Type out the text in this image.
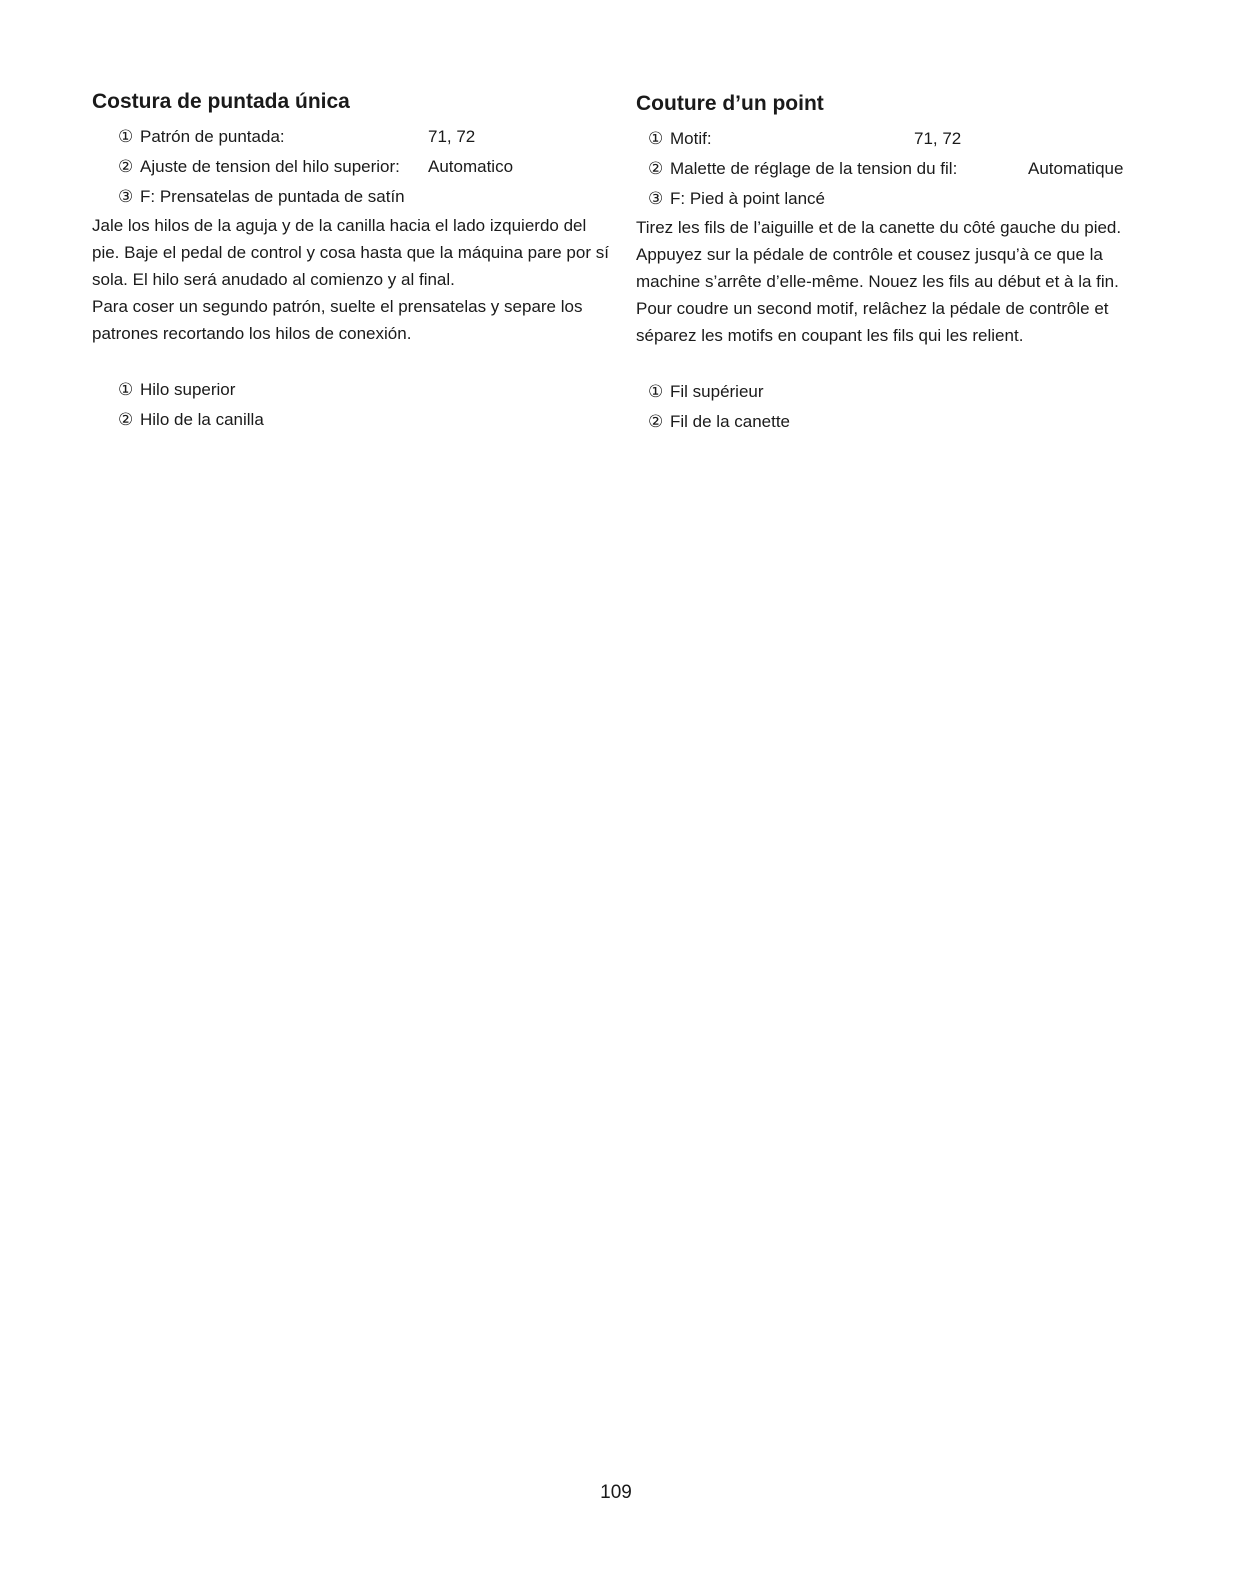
Costura de puntada única
① Patrón de puntada:	71, 72
② Ajuste de tension del hilo superior: Automatico
③ F: Prensatelas de puntada de satín

Jale los hilos de la aguja y de la canilla hacia el lado izquierdo del pie. Baje el pedal de control y cosa hasta que la máquina pare por sí sola. El hilo será anudado al comienzo y al final.

Para coser un segundo patrón, suelte el prensatelas y separe los patrones recortando los hilos de conexión.

① Hilo superior
② Hilo de la canilla
Couture d’un point
① Motif:	71, 72
② Malette de réglage de la tension du fil:	Automatique
③ F: Pied à point lancé

Tirez les fils de l’aiguille et de la canette du côté gauche du pied. Appuyez sur la pédale de contrôle et cousez jusqu’à ce que la machine s’arrête d’elle-même. Nouez les fils au début et à la fin.

Pour coudre un second motif, relâchez la pédale de contrôle et séparez les motifs en coupant les fils qui les relient.

① Fil supérieur
② Fil de la canette
109
